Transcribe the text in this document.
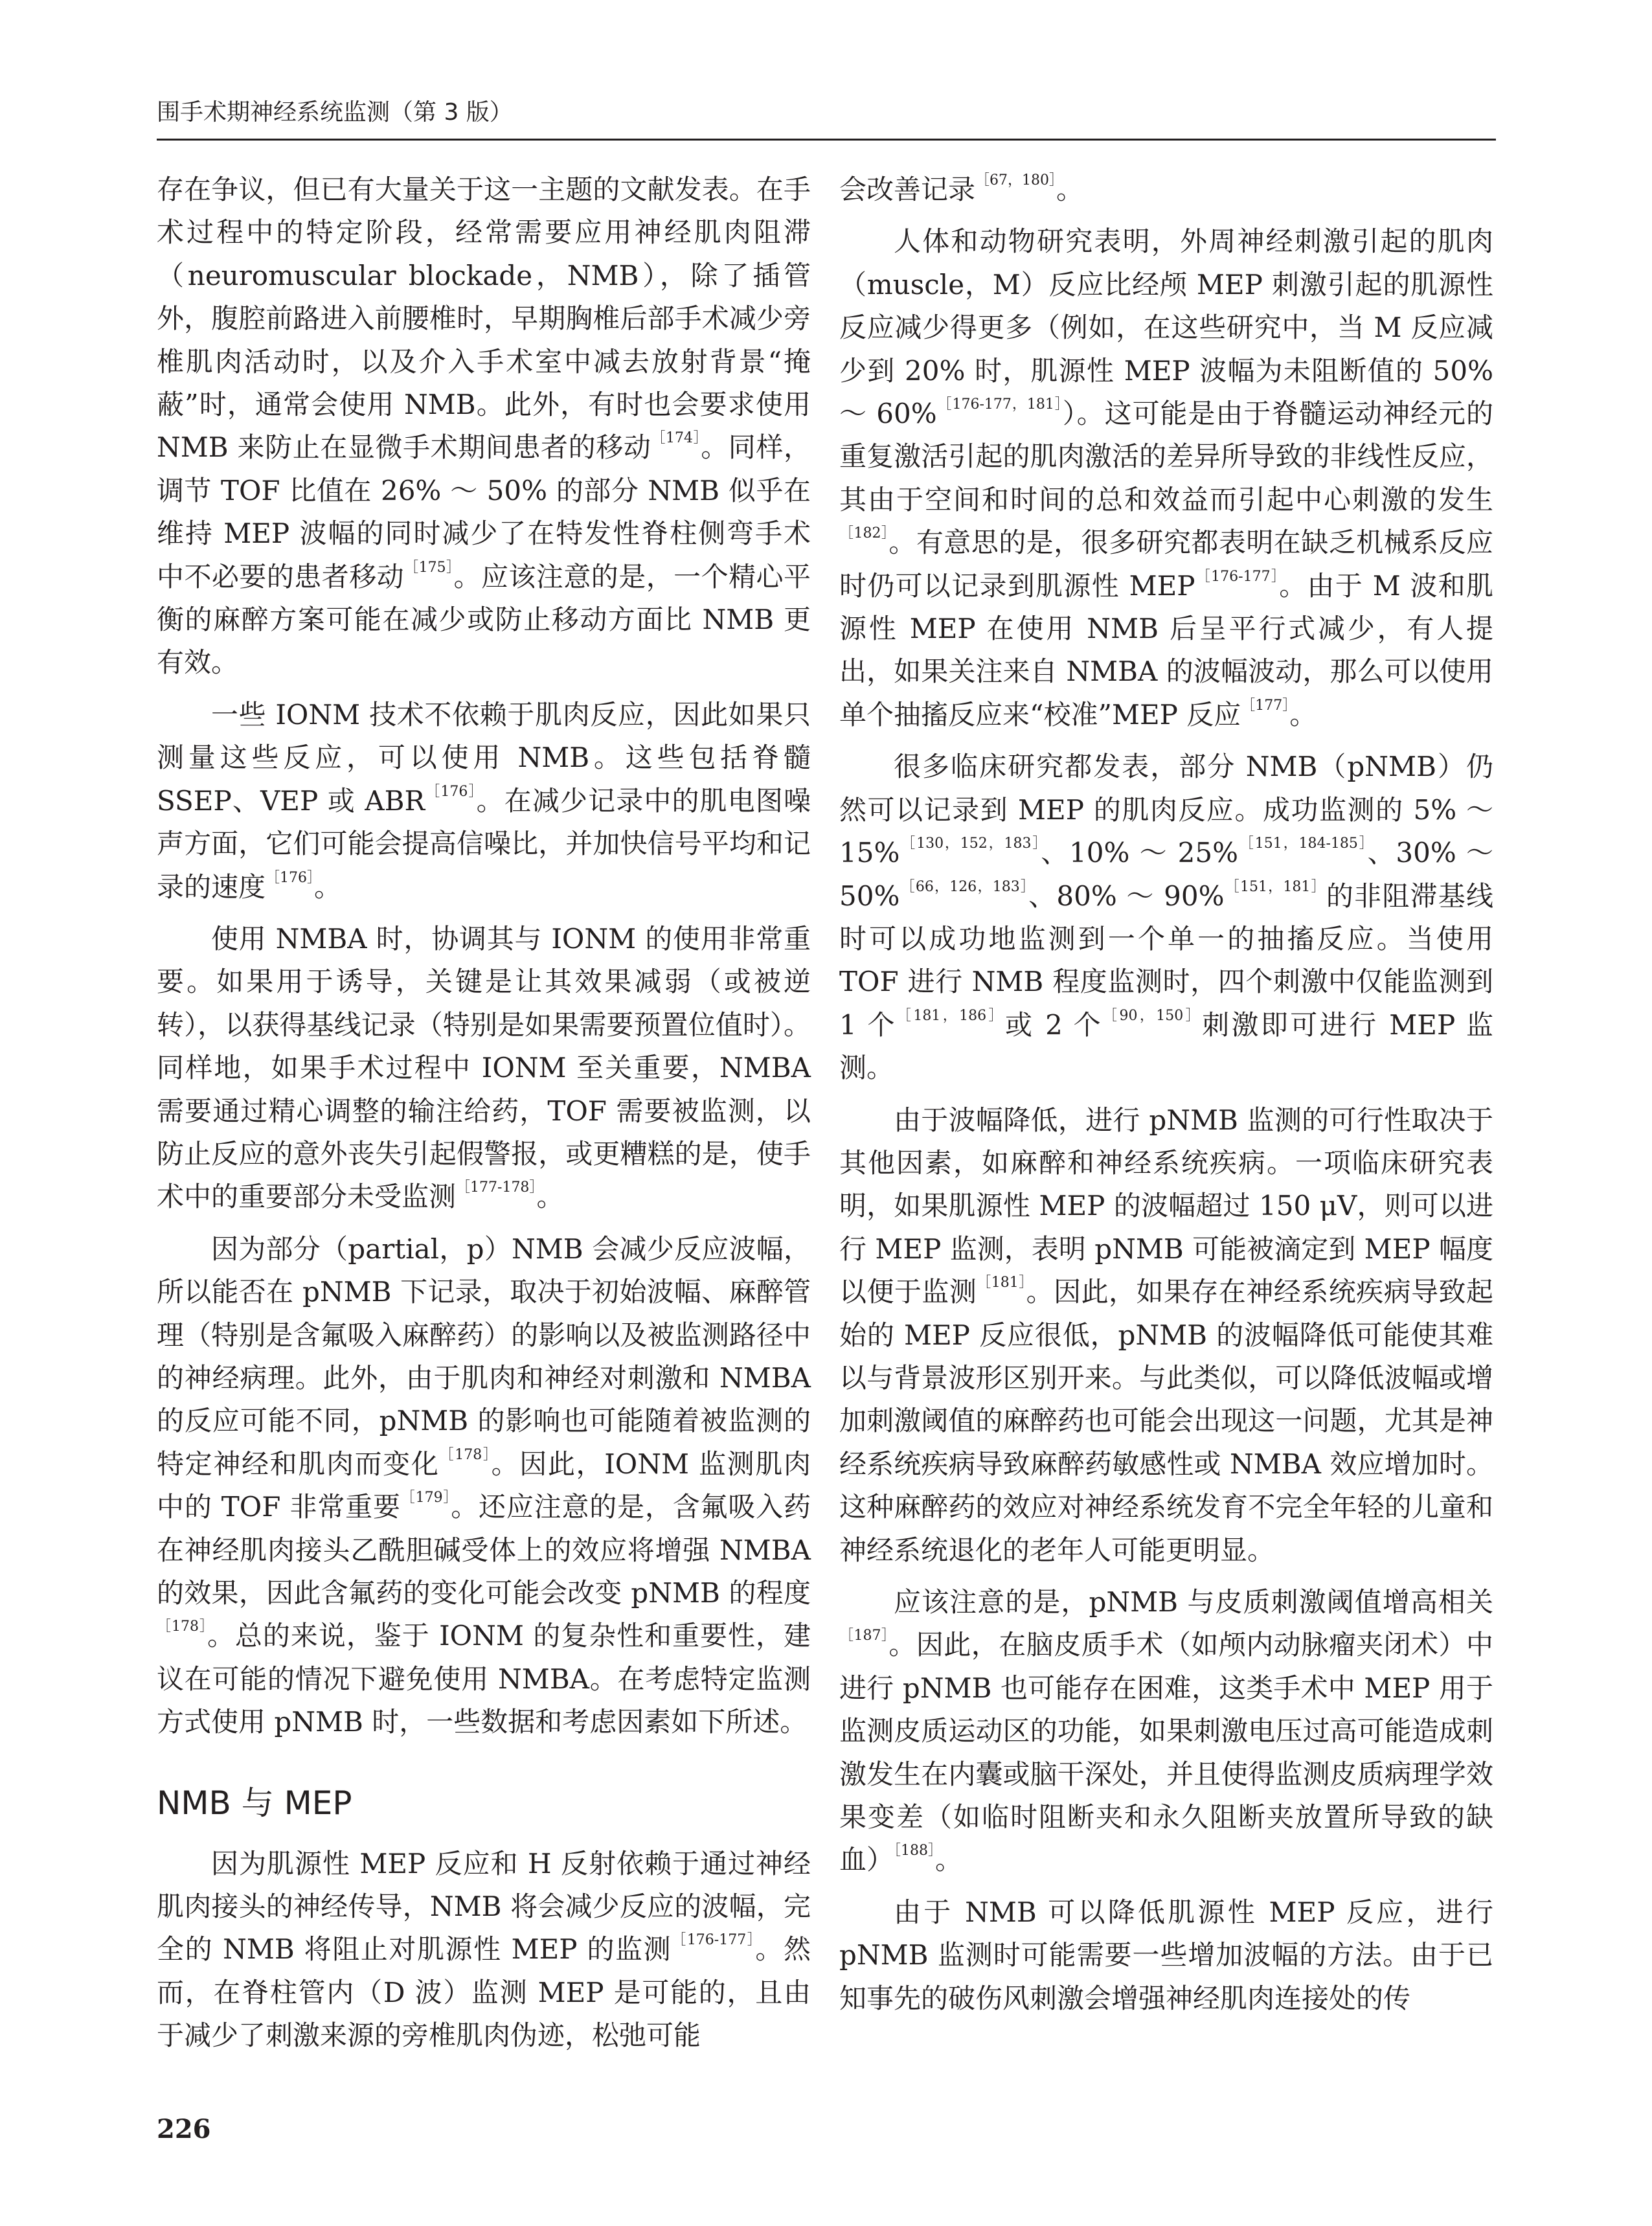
围手术期神经系统监测（第 3 版）

存在争议，但已有大量关于这一主题的文献发表。在手术过程中的特定阶段，经常需要应用神经肌肉阻滞（neuromuscular blockade，NMB），除了插管外，腹腔前路进入前腰椎时，早期胸椎后部手术减少旁椎肌肉活动时，以及介入手术室中减去放射背景“掩蔽”时，通常会使用 NMB。此外，有时也会要求使用 NMB 来防止在显微手术期间患者的移动$^{[174]}$。同样，调节 TOF 比值在 26% ～ 50% 的部分 NMB 似乎在维持 MEP 波幅的同时减少了在特发性脊柱侧弯手术中不必要的患者移动$^{[175]}$。应该注意的是，一个精心平衡的麻醉方案可能在减少或防止移动方面比 NMB 更有效。

一些 IONM 技术不依赖于肌肉反应，因此如果只测量这些反应，可以使用 NMB。这些包括脊髓 SSEP、VEP 或 $ABR^{[176]}$。在减少记录中的肌电图噪声方面，它们可能会提高信噪比，并加快信号平均和记录的速度$^{[176]}$。

使用 NMBA 时，协调其与 IONM 的使用非常重要。如果用于诱导，关键是让其效果减弱（或被逆转），以获得基线记录（特别是如果需要预置位值时）。同样地，如果手术过程中 IONM 至关重要，NMBA 需要通过精心调整的输注给药，TOF 需要被监测，以防止反应的意外丧失引起假警报，或更糟糕的是，使手术中的重要部分未受监测$^{[177-178]}$。

因为部分（partial，p）NMB 会减少反应波幅，所以能否在 pNMB 下记录，取决于初始波幅、麻醉管理（特别是含氟吸入麻醉药）的影响以及被监测路径中的神经病理。此外，由于肌肉和神经对刺激和 NMBA 的反应可能不同，pNMB 的影响也可能随着被监测的特定神经和肌肉而变化$^{[178]}$。因此，IONM 监测肌肉中的 TOF 非常重要$^{[179]}$。还应注意的是，含氟吸入药在神经肌肉接头乙酰胆碱受体上的效应将增强 NMBA 的效果，因此含氟药的变化可能会改变 pNMB 的程度$^{[178]}$。总的来说，鉴于 IONM 的复杂性和重要性，建议在可能的情况下避免使用 NMBA。在考虑特定监测方式使用 pNMB 时，一些数据和考虑因素如下所述。

NMB 与 MEP

因为肌源性 MEP 反应和 H 反射依赖于通过神经肌肉接头的神经传导，NMB 将会减少反应的波幅，完全的 NMB 将阻止对肌源性 MEP 的监测$^{[176-177]}$。然而，在脊柱管内（D 波）监测 MEP 是可能的，且由于减少了刺激来源的旁椎肌肉伪迹，松弛可能

会改善记录$^{[67,180]}$。

人体和动物研究表明，外周神经刺激引起的肌肉（muscle，M）反应比经颅 MEP 刺激引起的肌源性反应减少得更多（例如，在这些研究中，当 M 反应减少到 20% 时，肌源性 MEP 波幅为未阻断值的 50% ～ 60%$^{[176-177,181]}$）。这可能是由于脊髓运动神经元的重复激活引起的肌肉激活的差异所导致的非线性反应，其由于空间和时间的总和效益而引起中心刺激的发生$^{[182]}$。有意思的是，很多研究都表明在缺乏机械系反应时仍可以记录到肌源性 $MEP^{[176-177]}$。由于 M 波和肌源性 MEP 在使用 NMB 后呈平行式减少，有人提出，如果关注来自 NMBA 的波幅波动，那么可以使用单个抽搐反应来“校准”MEP 反应$^{[177]}$。

很多临床研究都发表，部分 NMB（pNMB）仍然可以记录到 MEP 的肌肉反应。成功监测的 5% ～ 15%$^{[130,152,183]}$、10% ～ 25%$^{[151,184-185]}$、30% ～ 50%$^{[66,126,183]}$、80% ～ 90%$^{[151,181]}$的非阻滞基线时可以成功地监测到一个单一的抽搐反应。当使用 TOF 进行 NMB 程度监测时，四个刺激中仅能监测到 1 个$^{[181,186]}$或 2 个$^{[90,150]}$刺激即可进行 MEP 监测。

由于波幅降低，进行 pNMB 监测的可行性取决于其他因素，如麻醉和神经系统疾病。一项临床研究表明，如果肌源性 MEP 的波幅超过 150 μV，则可以进行 MEP 监测，表明 pNMB 可能被滴定到 MEP 幅度以便于监测$^{[181]}$。因此，如果存在神经系统疾病导致起始的 MEP 反应很低，pNMB 的波幅降低可能使其难以与背景波形区别开来。与此类似，可以降低波幅或增加刺激阈值的麻醉药也可能会出现这一问题，尤其是神经系统疾病导致麻醉药敏感性或 NMBA 效应增加时。这种麻醉药的效应对神经系统发育不完全年轻的儿童和神经系统退化的老年人可能更明显。

应该注意的是，pNMB 与皮质刺激阈值增高相关$^{[187]}$。因此，在脑皮质手术（如颅内动脉瘤夹闭术）中进行 pNMB 也可能存在困难，这类手术中 MEP 用于监测皮质运动区的功能，如果刺激电压过高可能造成刺激发生在内囊或脑干深处，并且使得监测皮质病理学效果变差（如临时阻断夹和永久阻断夹放置所导致的缺血）$^{[188]}$。

由于 NMB 可以降低肌源性 MEP 反应，进行 pNMB 监测时可能需要一些增加波幅的方法。由于已知事先的破伤风刺激会增强神经肌肉连接处的传

226
